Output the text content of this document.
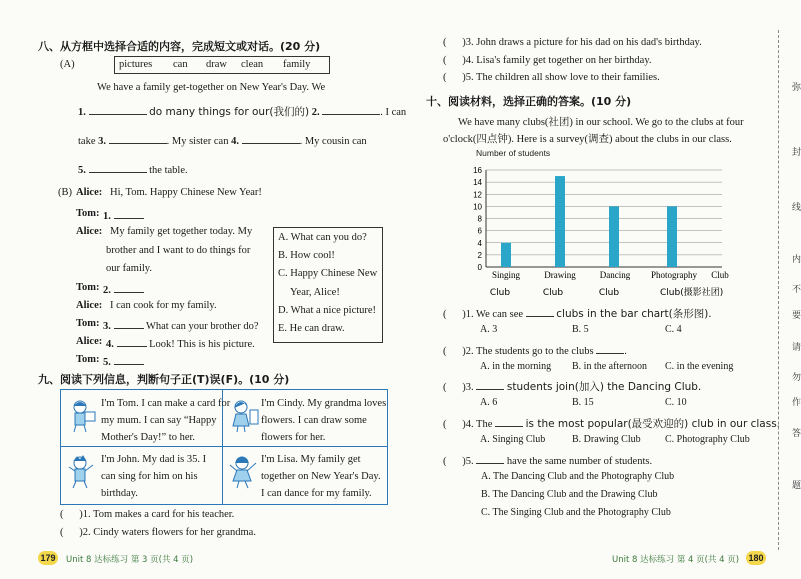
八、从方框中选择合适的内容，完成短文或对话。(20 分)
(A)	pictures can draw clean family
We have a family get-together on New Year's Day. We
1.	do many things for our(我们的) 2.	. I can
take 3.	. My sister can 4.	. My cousin can
5.	the table.
(B) Alice: Hi, Tom. Happy Chinese New Year!
Tom: 1.
Alice: My family get together today. My
brother and I want to do things for
our family.
Tom: 2.
Alice: I can cook for my family.
Tom: 3.	What can your brother do?
Alice: 4.	Look! This is his picture.
Tom: 5.
A. What can you do?
B. How cool!
C. Happy Chinese New
Year, Alice!
D. What a nice picture!
E. He can draw.
九、阅读下列信息，判断句子正(T)误(F)。(10 分)
I'm Tom. I can make a card for
my mum. I can say “Happy
Mother's Day!” to her.
I'm Cindy. My grandma loves
flowers. I can draw some
flowers for her.
I'm John. My dad is 35. I
can sing for him on his
birthday.
I'm Lisa. My family get
together on New Year's Day.
I can dance for my family.
(      )1. Tom makes a card for his teacher.
(      )2. Cindy waters flowers for her grandma.
179 Unit 8 达标练习 第 3 页(共 4 页)
(      )3. John draws a picture for his dad on his dad's birthday.
(      )4. Lisa's family get together on her birthday.
(      )5. The children all show love to their families.
十、阅读材料，选择正确的答案。(10 分)
We have many clubs(社团) in our school. We go to the clubs at four
o'clock(四点钟). Here is a survey(调查) about the clubs in our class.
Number of students
0
2
4
6
8
10
12
14
16
Singing	Drawing	Dancing Photography Club
Club	Club	Club	Club(摄影社团)
(      )1. We can see	clubs in the bar chart(条形图).
A. 3	B. 5	C. 4
(      )2. The students go to the clubs	.
A. in the morning B. in the afternoon C. in the evening
(      )3.	students join(加入) the Dancing Club.
A. 6	B. 15	C. 10
(      )4. The	is the most popular(最受欢迎的) club in our class.
A. Singing Club	B. Drawing Club C. Photography Club
(      )5.	have the same number of students.
A. The Dancing Club and the Photography Club
B. The Dancing Club and the Drawing Club
C. The Singing Club and the Photography Club
Unit 8 达标练习 第 4 页(共 4 页) 180
弥
封
线
内
不
要
答
请
勿
作
题
